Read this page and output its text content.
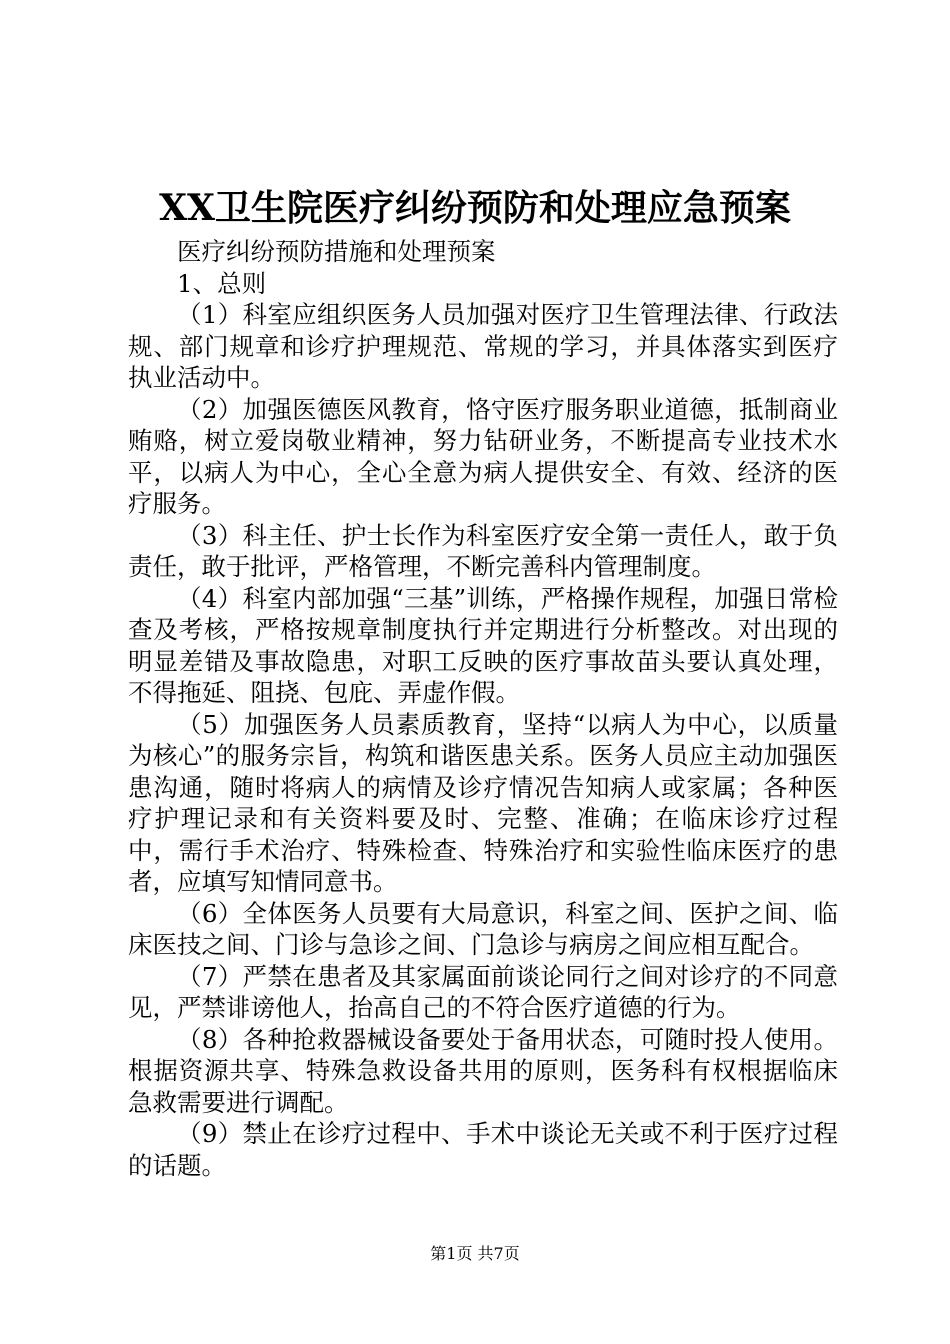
XX卫生院医疗纠纷预防和处理应急预案

医疗纠纷预防措施和处理预案

1、总则

（1）科室应组织医务人员加强对医疗卫生管理法律、行政法规、部门规章和诊疗护理规范、常规的学习，并具体落实到医疗执业活动中。

（2）加强医德医风教育，恪守医疗服务职业道德，抵制商业贿赂，树立爱岗敬业精神，努力钻研业务，不断提高专业技术水平，以病人为中心，全心全意为病人提供安全、有效、经济的医疗服务。

（3）科主任、护士长作为科室医疗安全第一责任人，敢于负责任，敢于批评，严格管理，不断完善科内管理制度。

（4）科室内部加强“三基”训练，严格操作规程，加强日常检查及考核，严格按规章制度执行并定期进行分析整改。对出现的明显差错及事故隐患，对职工反映的医疗事故苗头要认真处理，不得拖延、阻挠、包庇、弄虚作假。

（5）加强医务人员素质教育，坚持“以病人为中心，以质量为核心”的服务宗旨，构筑和谐医患关系。医务人员应主动加强医患沟通，随时将病人的病情及诊疗情况告知病人或家属；各种医疗护理记录和有关资料要及时、完整、准确；在临床诊疗过程中，需行手术治疗、特殊检查、特殊治疗和实验性临床医疗的患者，应填写知情同意书。

（6）全体医务人员要有大局意识，科室之间、医护之间、临床医技之间、门诊与急诊之间、门急诊与病房之间应相互配合。

（7）严禁在患者及其家属面前谈论同行之间对诊疗的不同意见，严禁诽谤他人，抬高自己的不符合医疗道德的行为。

（8）各种抢救器械设备要处于备用状态，可随时投人使用。根据资源共享、特殊急救设备共用的原则，医务科有权根据临床急救需要进行调配。

（9）禁止在诊疗过程中、手术中谈论无关或不利于医疗过程的话题。

第1页 共7页
